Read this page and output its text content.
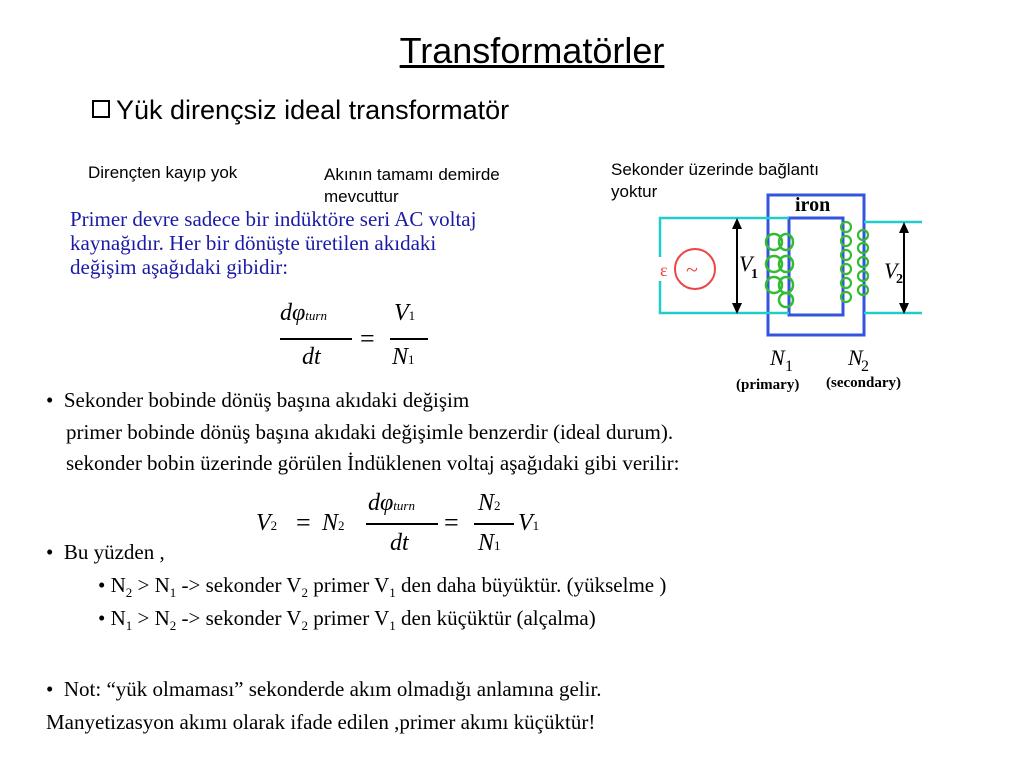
Transformatörler
Yük dirençsiz ideal transformatör
Dirençten kayıp yok	Akının tamamı demirde
mevcuttur
Sekonder üzerinde bağlantı
yoktur
Primer devre sadece bir indüktöre seri AC voltaj
kaynağıdır. Her bir dönüşte üretilen akıdaki
değişim aşağıdaki gibidir:
iron
~
ε	V
1	V
2
N 1	N
2
(primary) (secondary)
dφturn
dt
=
V1
N1
• Sekonder bobinde dönüş başına akıdaki değişim
primer bobinde dönüş başına akıdaki değişimle benzerdir (ideal durum).
sekonder bobin üzerinde görülen İndüklenen voltaj aşağıdaki gibi verilir:
V2 = N2
dφturn
dt
=
N2
N1
V1
• Bu yüzden ,
• $N_2 > N_1$ -> sekonder $V_2$ primer $V_1$ den daha büyüktür. (yükselme )
• $N_1 > N_2$ -> sekonder $V_2$ primer $V_1$ den küçüktür (alçalma)
• Not: “yük olmaması” sekonderde akım olmadığı anlamına gelir.
Manyetizasyon akımı olarak ifade edilen ,primer akımı küçüktür!
